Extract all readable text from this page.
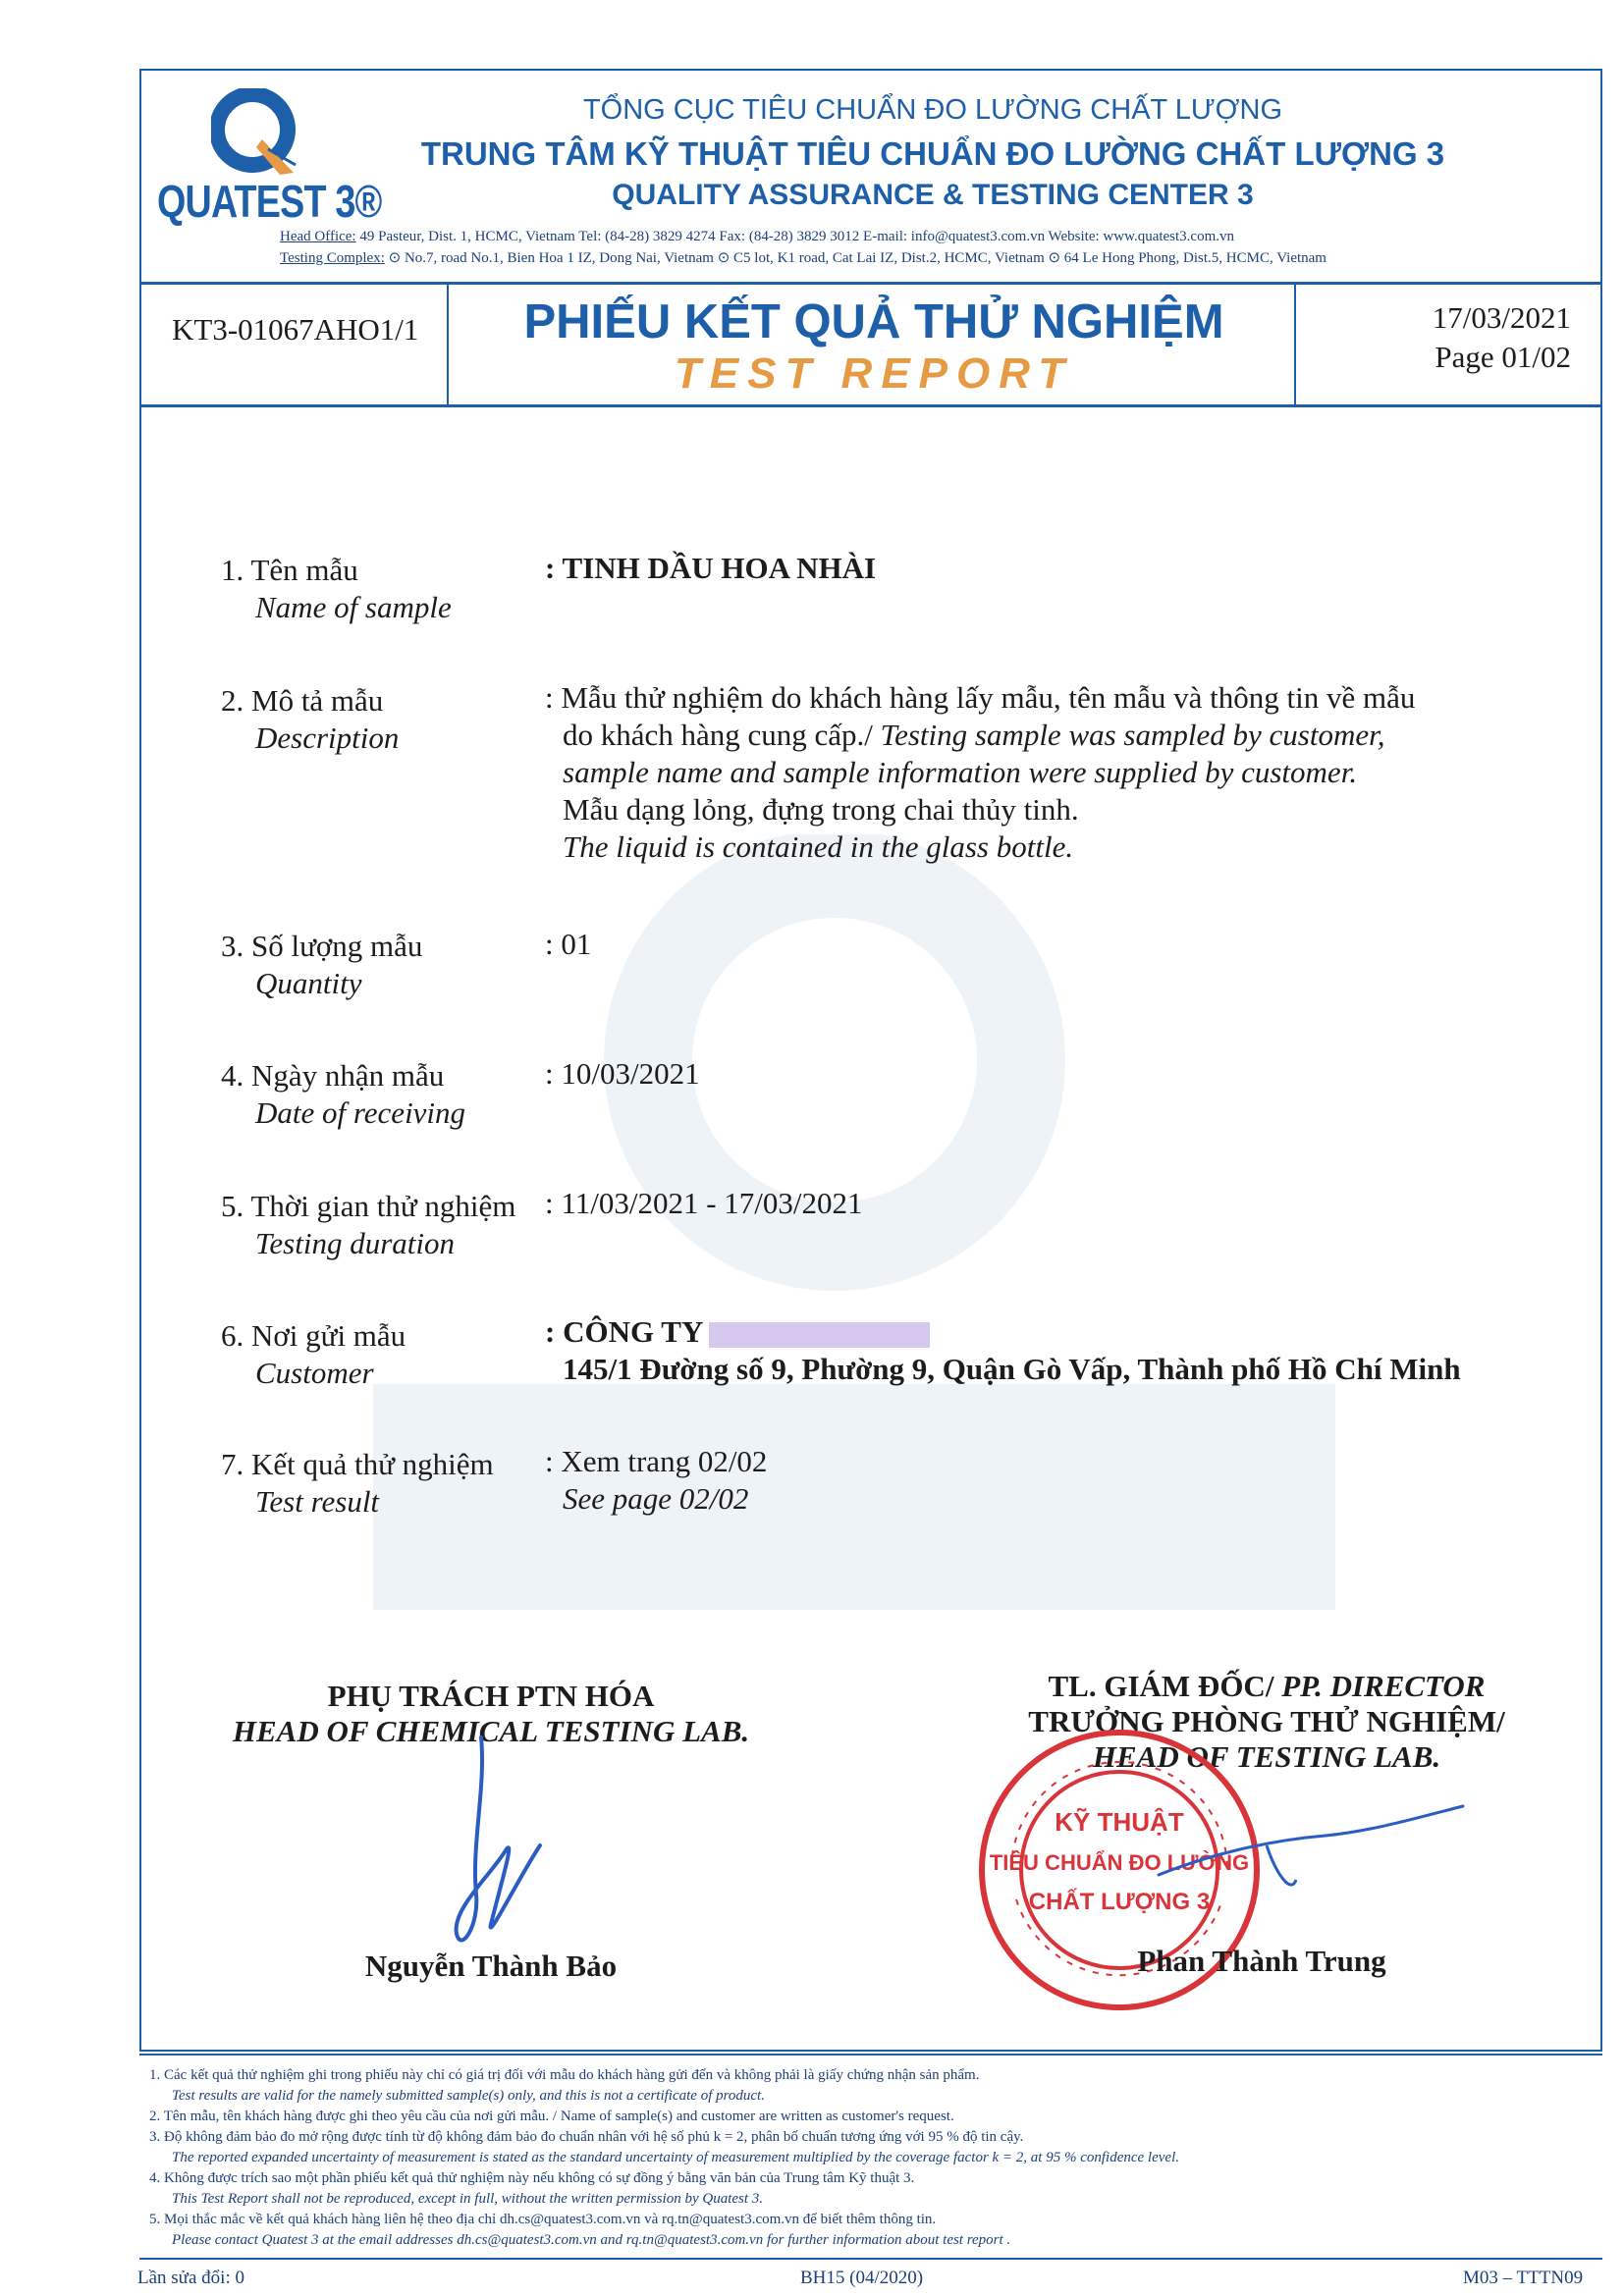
QUATEST 3®
TỔNG CỤC TIÊU CHUẨN ĐO LƯỜNG CHẤT LƯỢNG
TRUNG TÂM KỸ THUẬT TIÊU CHUẨN ĐO LƯỜNG CHẤT LƯỢNG 3
QUALITY ASSURANCE & TESTING CENTER 3
Head Office: 49 Pasteur, Dist. 1, HCMC, Vietnam Tel: (84-28) 3829 4274 Fax: (84-28) 3829 3012 E-mail: info@quatest3.com.vn Website: www.quatest3.com.vn
Testing Complex: ⊙ No.7, road No.1, Bien Hoa 1 IZ, Dong Nai, Vietnam ⊙ C5 lot, K1 road, Cat Lai IZ, Dist.2, HCMC, Vietnam ⊙ 64 Le Hong Phong, Dist.5, HCMC, Vietnam
KT3-01067AHO1/1	PHIẾU KẾT QUẢ THỬ NGHIỆM
TEST REPORT
17/03/2021
Page 01/02
1. Tên mẫu
Name of sample
: TINH DẦU HOA NHÀI
2. Mô tả mẫu
Description
: Mẫu thử nghiệm do khách hàng lấy mẫu, tên mẫu và thông tin về mẫu
do khách hàng cung cấp./ Testing sample was sampled by customer,
sample name and sample information were supplied by customer.
Mẫu dạng lỏng, đựng trong chai thủy tinh.
The liquid is contained in the glass bottle.
3. Số lượng mẫu
Quantity
: 01
4. Ngày nhận mẫu
Date of receiving
: 10/03/2021
5. Thời gian thử nghiệm
Testing duration
: 11/03/2021 - 17/03/2021
6. Nơi gửi mẫu
Customer
: CÔNG TY
145/1 Đường số 9, Phường 9, Quận Gò Vấp, Thành phố Hồ Chí Minh
7. Kết quả thử nghiệm
Test result
: Xem trang 02/02
See page 02/02
PHỤ TRÁCH PTN HÓA
HEAD OF CHEMICAL TESTING LAB.
Nguyễn Thành Bảo
TL. GIÁM ĐỐC/ PP. DIRECTOR
TRƯỞNG PHÒNG THỬ NGHIỆM/
HEAD OF TESTING LAB.
KỸ THUẬT
TIÊU CHUẨN ĐO LƯỜNG
CHẤT LƯỢNG 3
Phan Thành Trung
1. Các kết quả thử nghiệm ghi trong phiếu này chỉ có giá trị đối với mẫu do khách hàng gửi đến và không phải là giấy chứng nhận sản phẩm.
Test results are valid for the namely submitted sample(s) only, and this is not a certificate of product.
2. Tên mẫu, tên khách hàng được ghi theo yêu cầu của nơi gửi mẫu. / Name of sample(s) and customer are written as customer's request.
3. Độ không đảm bảo đo mở rộng được tính từ độ không đảm bảo đo chuẩn nhân với hệ số phủ k = 2, phân bố chuẩn tương ứng với 95 % độ tin cậy.
The reported expanded uncertainty of measurement is stated as the standard uncertainty of measurement multiplied by the coverage factor k = 2, at 95 % confidence level.
4. Không được trích sao một phần phiếu kết quả thử nghiệm này nếu không có sự đồng ý bằng văn bản của Trung tâm Kỹ thuật 3.
This Test Report shall not be reproduced, except in full, without the written permission by Quatest 3.
5. Mọi thắc mắc về kết quả khách hàng liên hệ theo địa chỉ dh.cs@quatest3.com.vn và rq.tn@quatest3.com.vn để biết thêm thông tin.
Please contact Quatest 3 at the email addresses dh.cs@quatest3.com.vn and rq.tn@quatest3.com.vn for further information about test report .
Lần sửa đổi: 0	BH15 (04/2020)	M03 – TTTN09
